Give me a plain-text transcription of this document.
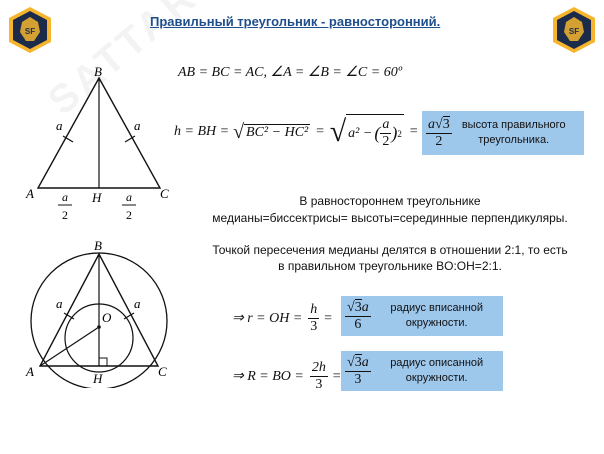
SF	SF
Правильный треугольник - равносторонний.
B
A	C
H
a	a
a
2
a
2
AB = BC = AC, ∠A = ∠B = ∠C = 60º
h = BH = √ BC² − HC² = √ a² − ( $\frac{a}{2}$ ) $2 = \frac{a√3}{2}$ высота правильного треугольника.
В равностороннем треугольнике
медианы=биссектрисы= высоты=серединные перпендикуляры.
Точкой пересечения медианы делятся в отношении 2:1, то есть
в правильном треугольнике BO:OH=2:1.
B
A	C
H
O
a	a
⇒ r = OH = $\frac{h}{3} = \frac{√3a}{6}$	радиус вписанной окружности.
⇒ R = BO = $\frac{2h}{3} = \frac{√3a}{3}$	радиус описанной окружности.
